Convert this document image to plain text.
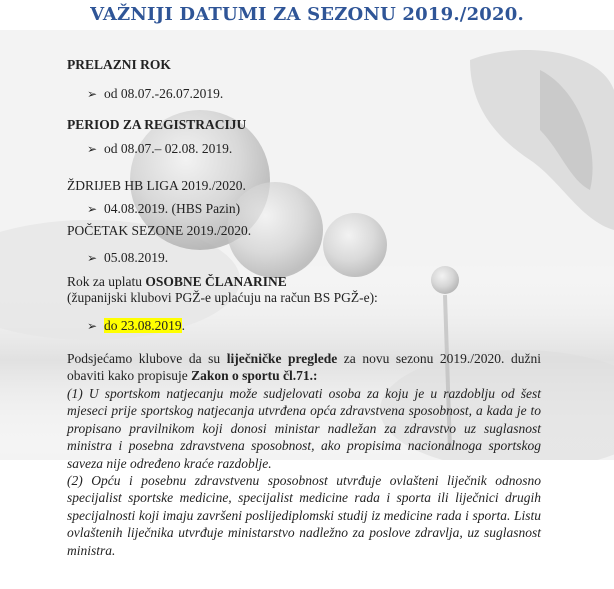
VAŽNIJI DATUMI ZA SEZONU 2019./2020.
PRELAZNI ROK
➢ od 08.07.-26.07.2019.
PERIOD ZA REGISTRACIJU
➢ od 08.07.– 02.08. 2019.
ŽDRIJEB HB LIGA 2019./2020.
➢ 04.08.2019. (HBS Pazin)
POČETAK SEZONE 2019./2020.
➢ 05.08.2019.
Rok za uplatu OSOBNE ČLANARINE
(županijski klubovi PGŽ-e uplaćuju na račun BS PGŽ-e):
➢ do 23.08.2019.
Podsjećamo klubove da su liječničke preglede za novu sezonu 2019./2020. dužni obaviti kako propisuje Zakon o sportu čl.71.:
(1) U sportskom natjecanju može sudjelovati osoba za koju je u razdoblju od šest mjeseci prije sportskog natjecanja utvrđena opća zdravstvena sposobnost, a kada je to propisano pravilnikom koji donosi ministar nadležan za zdravstvo uz suglasnost ministra i posebna zdravstvena sposobnost, ako propisima nacionalnoga sportskog saveza nije određeno kraće razdoblje.
(2) Opću i posebnu zdravstvenu sposobnost utvrđuje ovlašteni liječnik odnosno specijalist sportske medicine, specijalist medicine rada i sporta ili liječnici drugih specijalnosti koji imaju završeni poslijediplomski studij iz medicine rada i sporta. Listu ovlaštenih liječnika utvrđuje ministarstvo nadležno za poslove zdravlja, uz suglasnost ministra.
